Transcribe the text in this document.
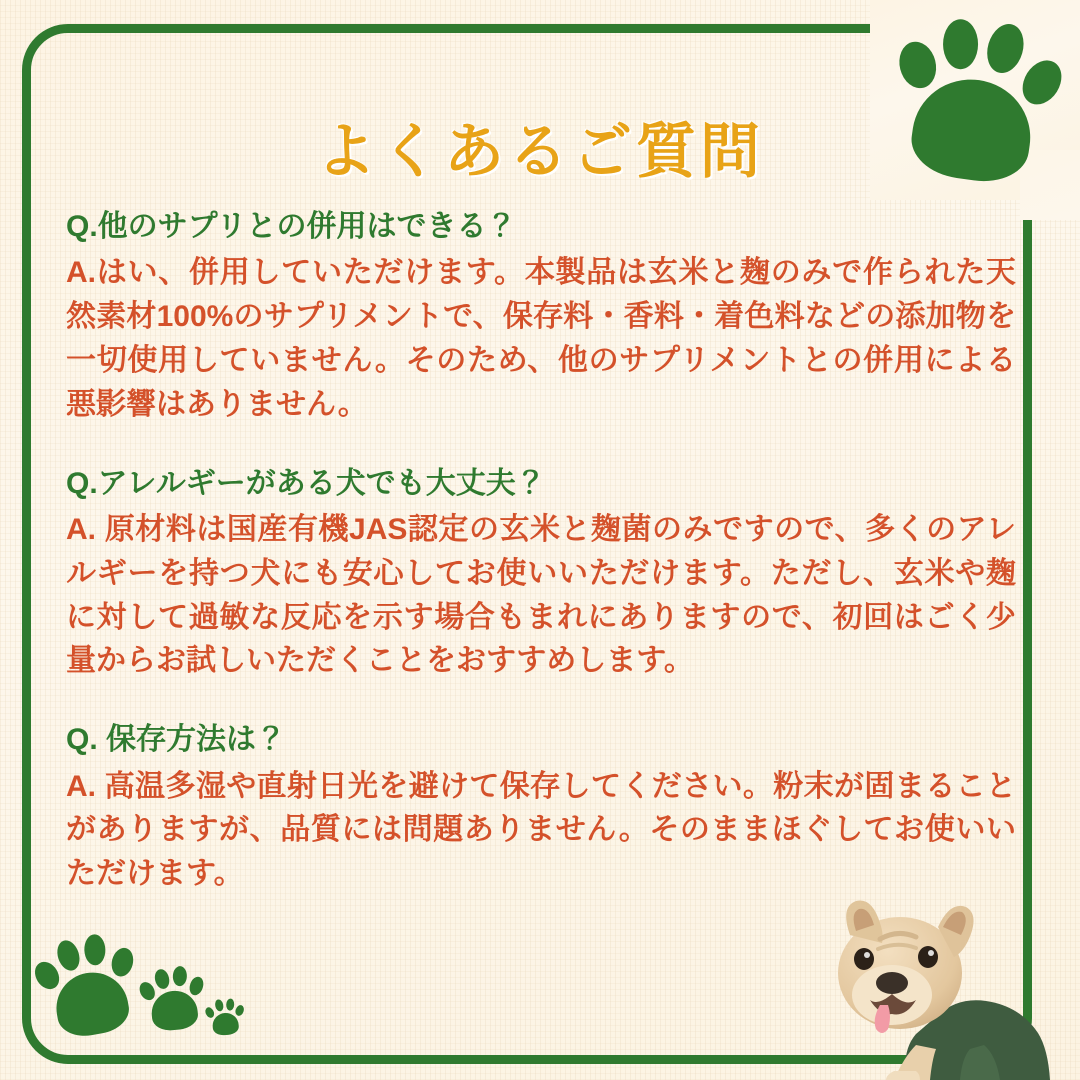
よくあるご質問
Q.他のサプリとの併用はできる？
A.はい、併用していただけます。本製品は玄米と麹のみで作られた天然素材100%のサプリメントで、保存料・香料・着色料などの添加物を一切使用していません。そのため、他のサプリメントとの併用による悪影響はありません。
Q.アレルギーがある犬でも大丈夫？
A. 原材料は国産有機JAS認定の玄米と麹菌のみですので、多くのアレルギーを持つ犬にも安心してお使いいただけます。ただし、玄米や麹に対して過敏な反応を示す場合もまれにありますので、初回はごく少量からお試しいただくことをおすすめします。
Q. 保存方法は？
A. 高温多湿や直射日光を避けて保存してください。粉末が固まることがありますが、品質には問題ありません。そのままほぐしてお使いいただけます。
